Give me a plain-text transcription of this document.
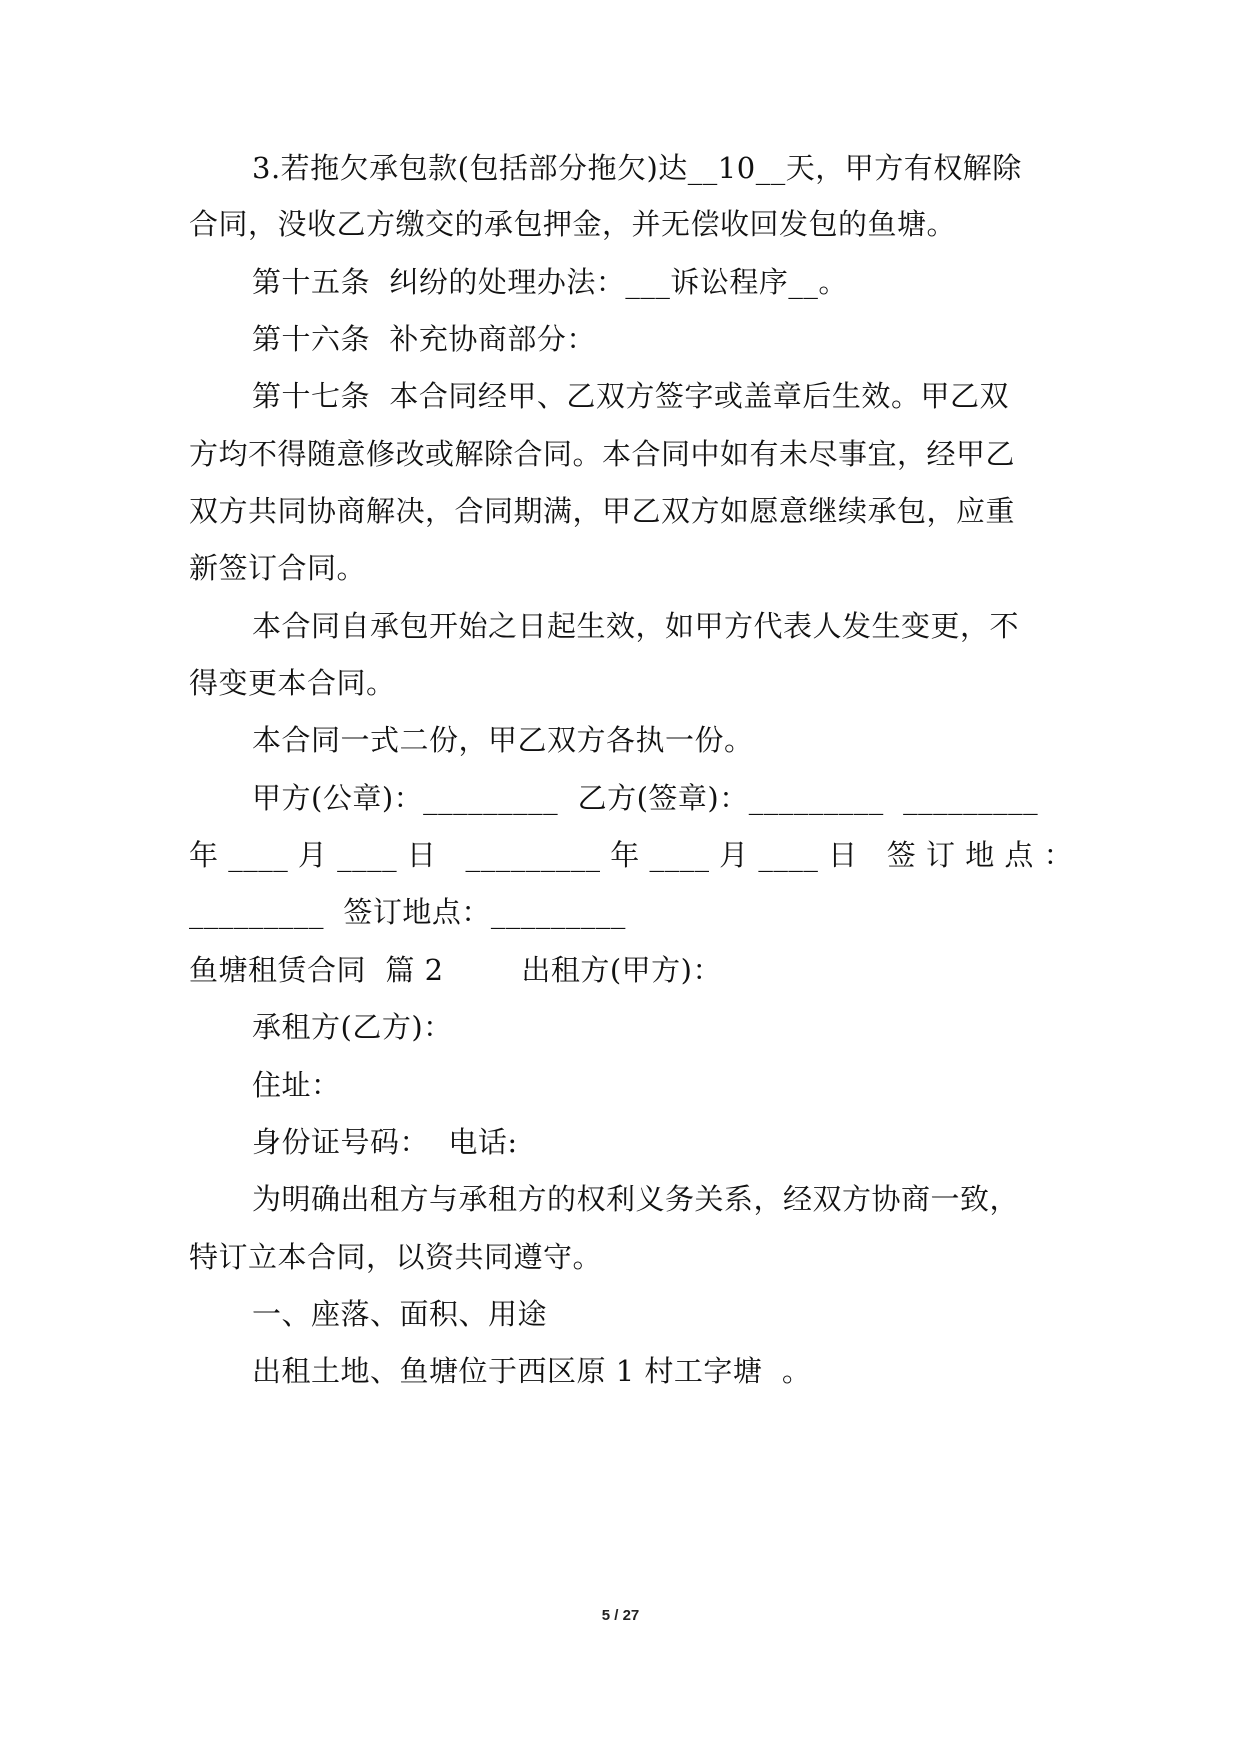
3.若拖欠承包款(包括部分拖欠)达__10__天，甲方有权解除
合同，没收乙方缴交的承包押金，并无偿收回发包的鱼塘。
第十五条  纠纷的处理办法：___诉讼程序__。
第十六条  补充协商部分：
第十七条  本合同经甲、乙双方签字或盖章后生效。甲乙双
方均不得随意修改或解除合同。本合同中如有未尽事宜，经甲乙
双方共同协商解决，合同期满，甲乙双方如愿意继续承包，应重
新签订合同。
本合同自承包开始之日起生效，如甲方代表人发生变更，不
得变更本合同。
本合同一式二份，甲乙双方各执一份。
甲方(公章)：_________  乙方(签章)：_________  _________
年 ____ 月 ____ 日   _________ 年 ____ 月 ____ 日   签 订 地 点 ：
_________  签订地点：_________
鱼塘租赁合同  篇 2        出租方(甲方)：
承租方(乙方)：
住址：
身份证号码：  电话:
为明确出租方与承租方的权利义务关系，经双方协商一致，
特订立本合同，以资共同遵守。
一、座落、面积、用途
出租土地、鱼塘位于西区原 1 村工字塘  。
5 / 27
